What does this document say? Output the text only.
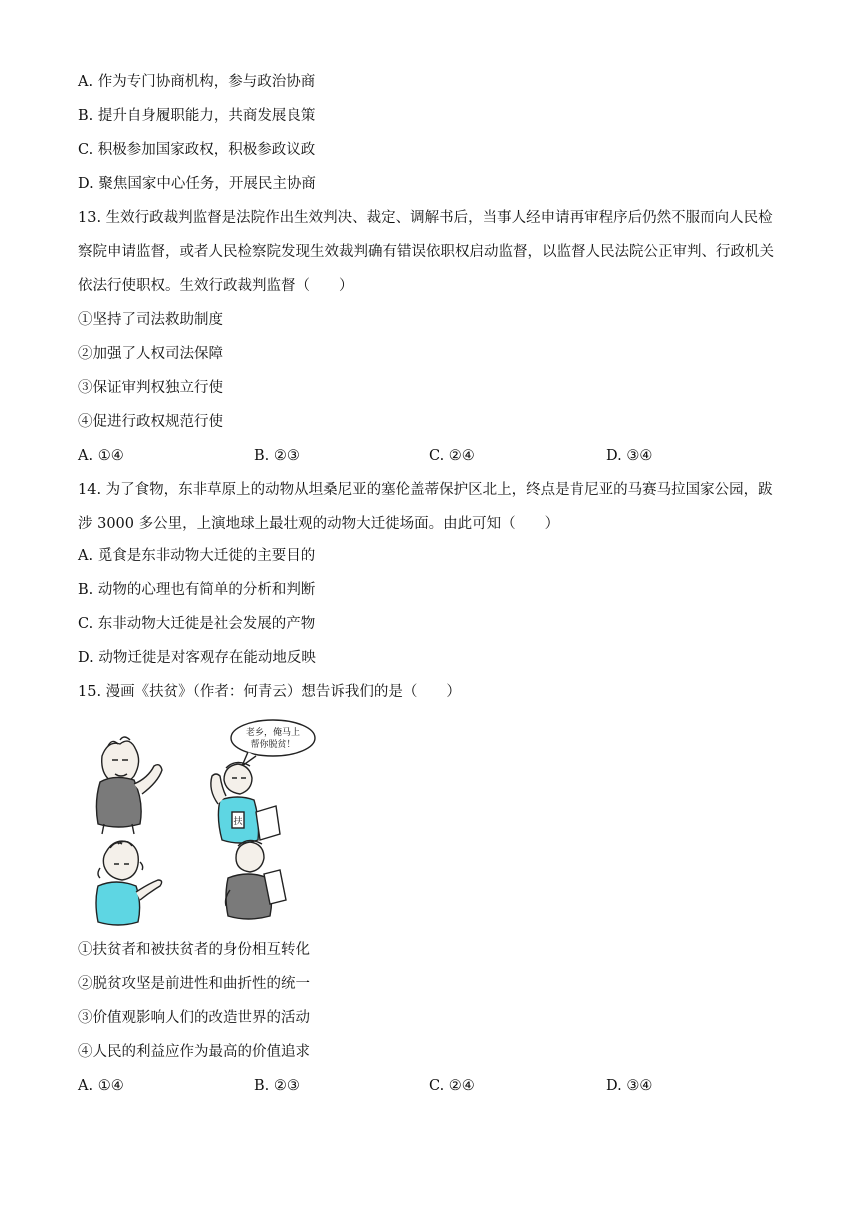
A. 作为专门协商机构，参与政治协商
B. 提升自身履职能力，共商发展良策
C. 积极参加国家政权，积极参政议政
D. 聚焦国家中心任务，开展民主协商
13. 生效行政裁判监督是法院作出生效判决、裁定、调解书后，当事人经申请再审程序后仍然不服而向人民检察院申请监督，或者人民检察院发现生效裁判确有错误依职权启动监督，以监督人民法院公正审判、行政机关依法行使职权。生效行政裁判监督（　　）
①坚持了司法救助制度
②加强了人权司法保障
③保证审判权独立行使
④促进行政权规范行使
A. ①④	B. ②③	C. ②④	D. ③④
14. 为了食物，东非草原上的动物从坦桑尼亚的塞伦盖蒂保护区北上，终点是肯尼亚的马赛马拉国家公园，跋涉 3000 多公里，上演地球上最壮观的动物大迁徙场面。由此可知（　　）
A. 觅食是东非动物大迁徙的主要目的
B. 动物的心理也有简单的分析和判断
C. 东非动物大迁徙是社会发展的产物
D. 动物迁徙是对客观存在能动地反映
15. 漫画《扶贫》（作者：何青云）想告诉我们的是（　　）
老乡，俺马上
帮你脱贫！
扶
①扶贫者和被扶贫者的身份相互转化
②脱贫攻坚是前进性和曲折性的统一
③价值观影响人们的改造世界的活动
④人民的利益应作为最高的价值追求
A. ①④	B. ②③	C. ②④	D. ③④
